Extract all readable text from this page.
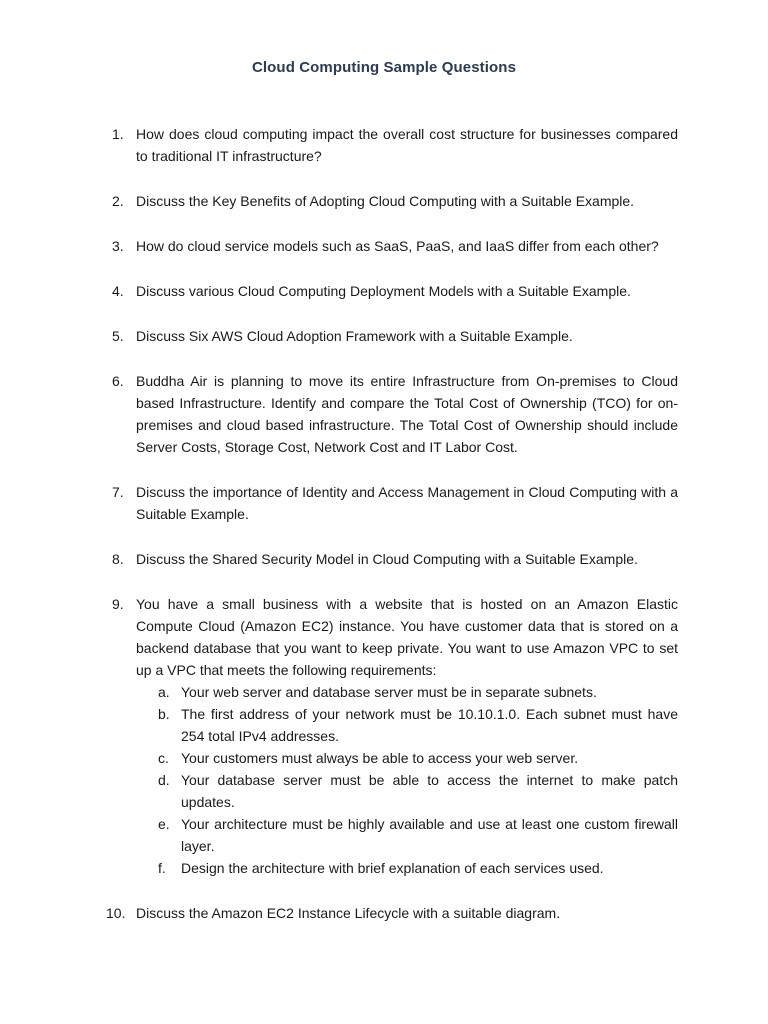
Cloud Computing Sample Questions
1. How does cloud computing impact the overall cost structure for businesses compared to traditional IT infrastructure?
2. Discuss the Key Benefits of Adopting Cloud Computing with a Suitable Example.
3. How do cloud service models such as SaaS, PaaS, and IaaS differ from each other?
4. Discuss various Cloud Computing Deployment Models with a Suitable Example.
5. Discuss Six AWS Cloud Adoption Framework with a Suitable Example.
6. Buddha Air is planning to move its entire Infrastructure from On-premises to Cloud based Infrastructure. Identify and compare the Total Cost of Ownership (TCO) for on-premises and cloud based infrastructure. The Total Cost of Ownership should include Server Costs, Storage Cost, Network Cost and IT Labor Cost.
7. Discuss the importance of Identity and Access Management in Cloud Computing with a Suitable Example.
8. Discuss the Shared Security Model in Cloud Computing with a Suitable Example.
9. You have a small business with a website that is hosted on an Amazon Elastic Compute Cloud (Amazon EC2) instance. You have customer data that is stored on a backend database that you want to keep private. You want to use Amazon VPC to set up a VPC that meets the following requirements:
a. Your web server and database server must be in separate subnets.
b. The first address of your network must be 10.10.1.0. Each subnet must have 254 total IPv4 addresses.
c. Your customers must always be able to access your web server.
d. Your database server must be able to access the internet to make patch updates.
e. Your architecture must be highly available and use at least one custom firewall layer.
f. Design the architecture with brief explanation of each services used.
10. Discuss the Amazon EC2 Instance Lifecycle with a suitable diagram.
